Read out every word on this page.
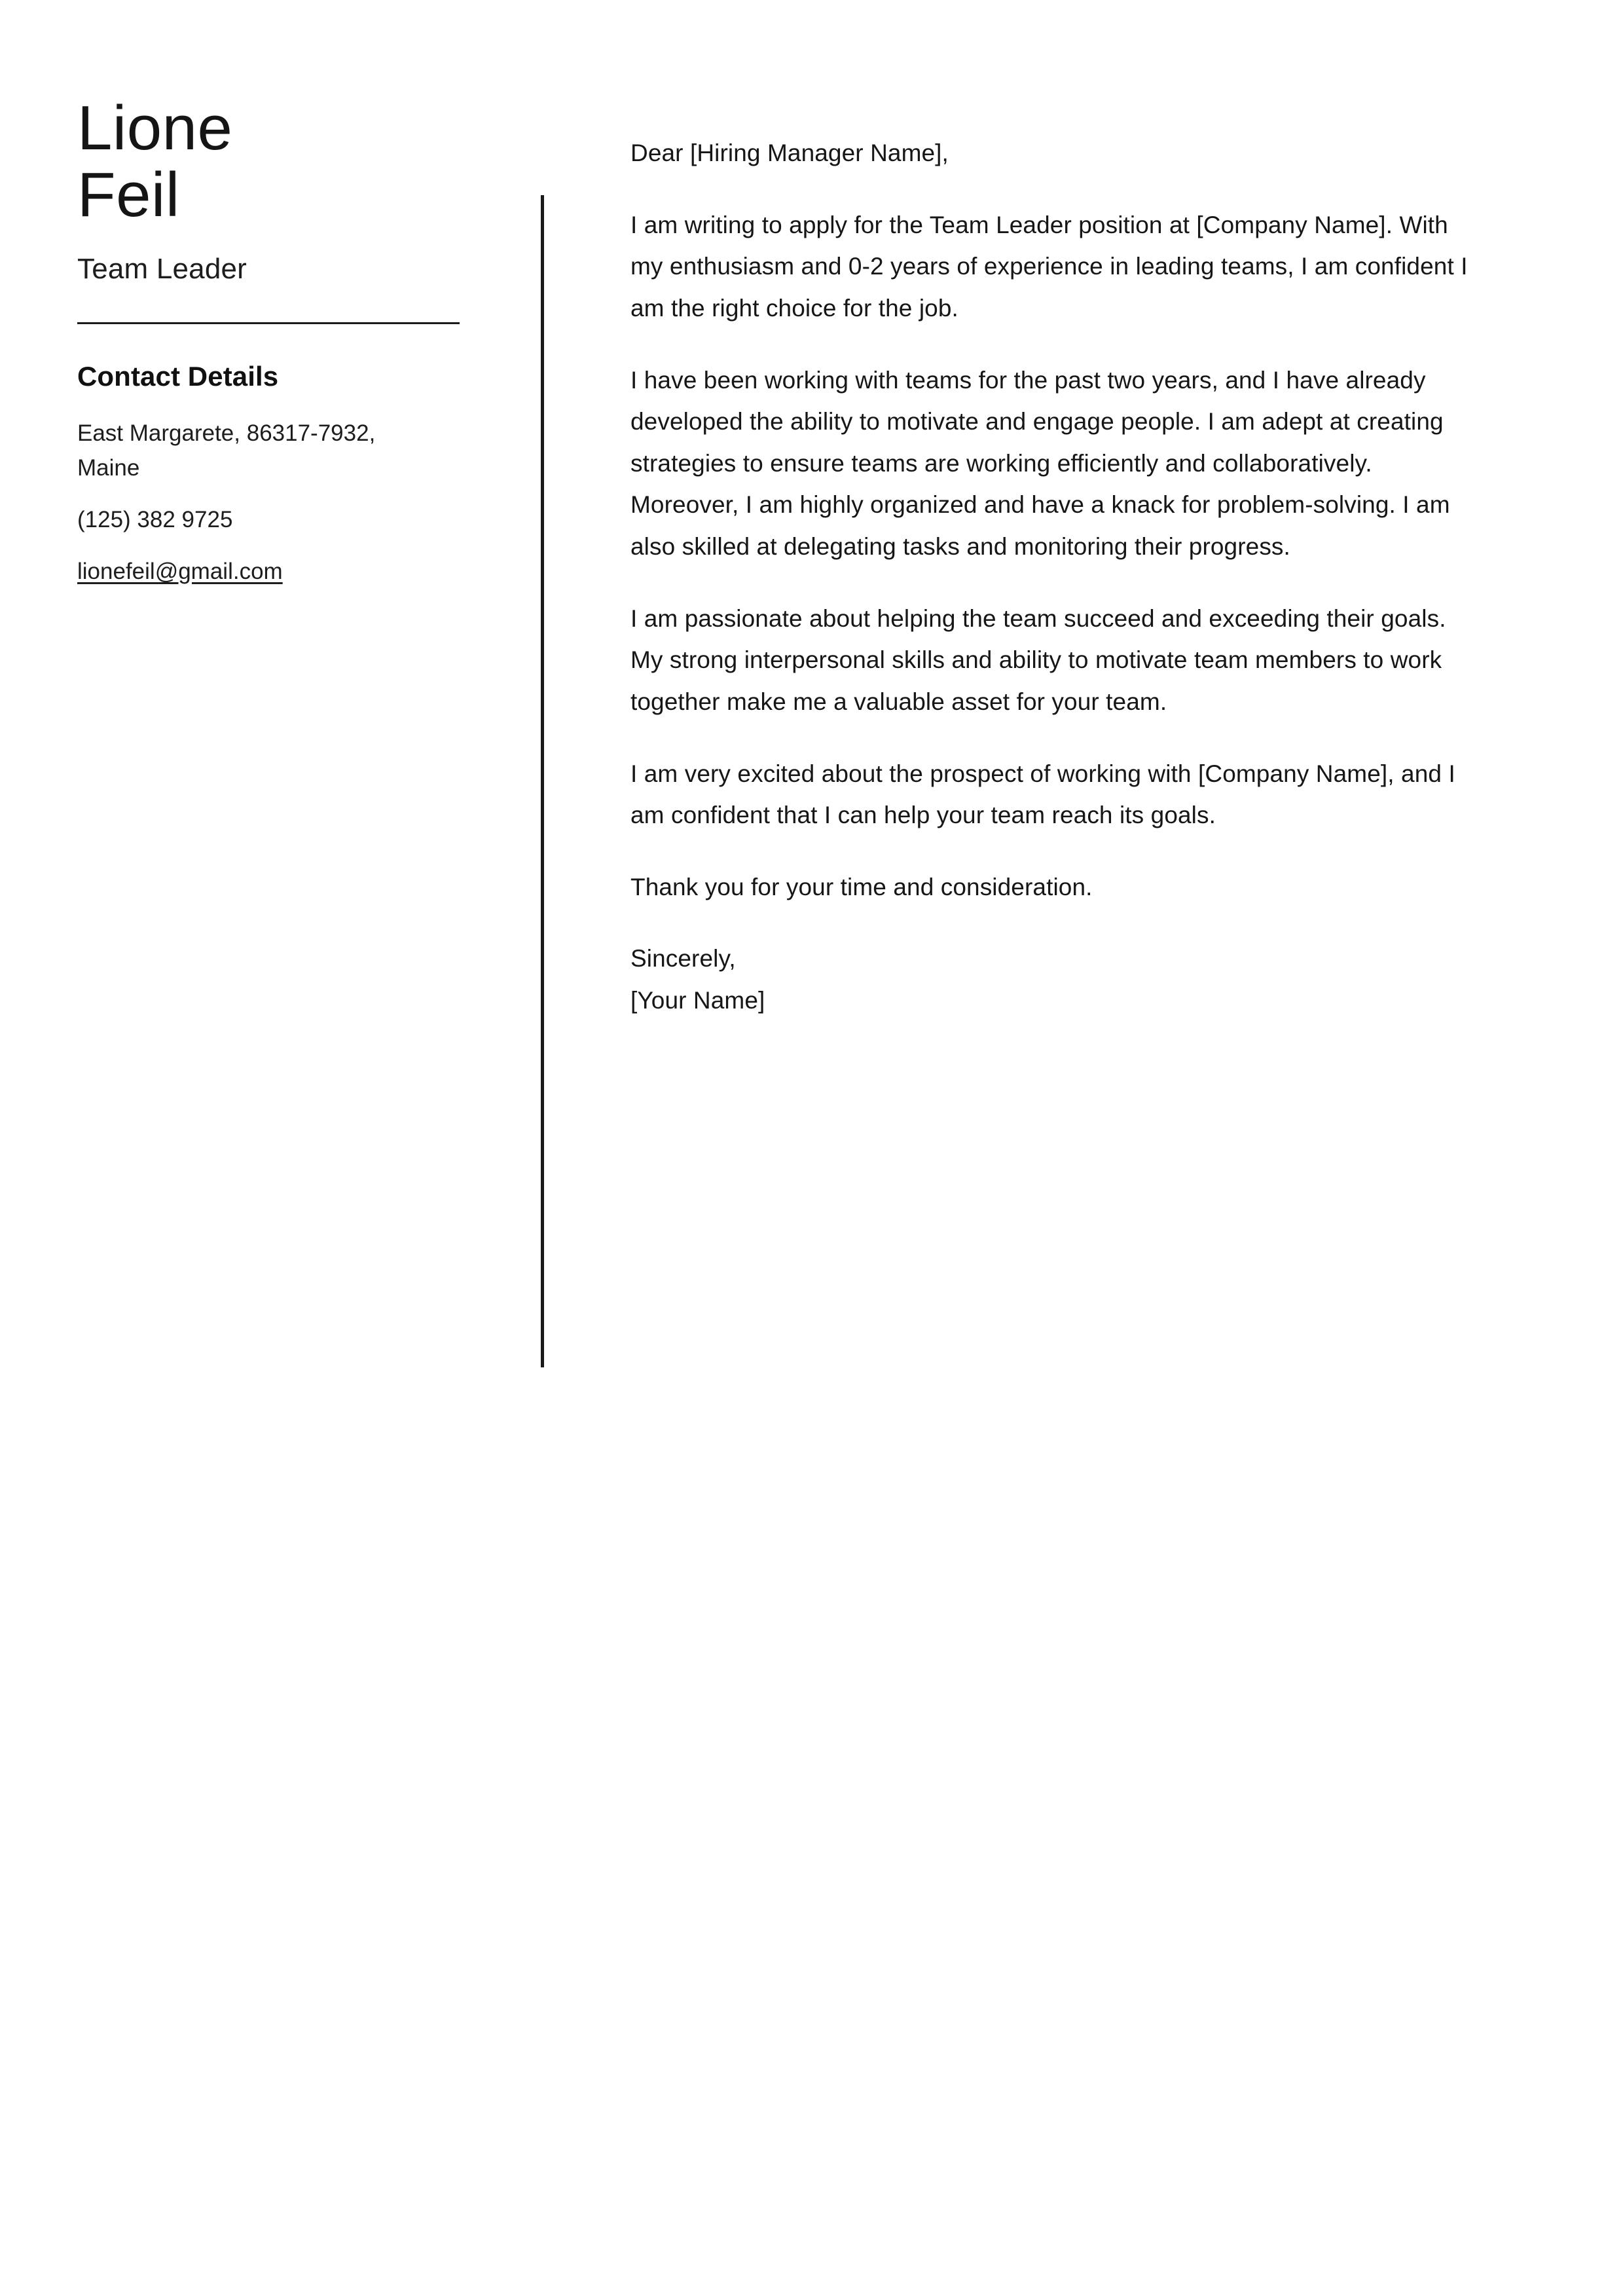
Lione
Feil
Team Leader
Contact Details
East Margarete, 86317-7932, Maine
(125) 382 9725
lionefeil@gmail.com

Dear [Hiring Manager Name],

I am writing to apply for the Team Leader position at [Company Name]. With my enthusiasm and 0-2 years of experience in leading teams, I am confident I am the right choice for the job.

I have been working with teams for the past two years, and I have already developed the ability to motivate and engage people. I am adept at creating strategies to ensure teams are working efficiently and collaboratively. Moreover, I am highly organized and have a knack for problem-solving. I am also skilled at delegating tasks and monitoring their progress.

I am passionate about helping the team succeed and exceeding their goals. My strong interpersonal skills and ability to motivate team members to work together make me a valuable asset for your team.

I am very excited about the prospect of working with [Company Name], and I am confident that I can help your team reach its goals.

Thank you for your time and consideration.

Sincerely,

[Your Name]
